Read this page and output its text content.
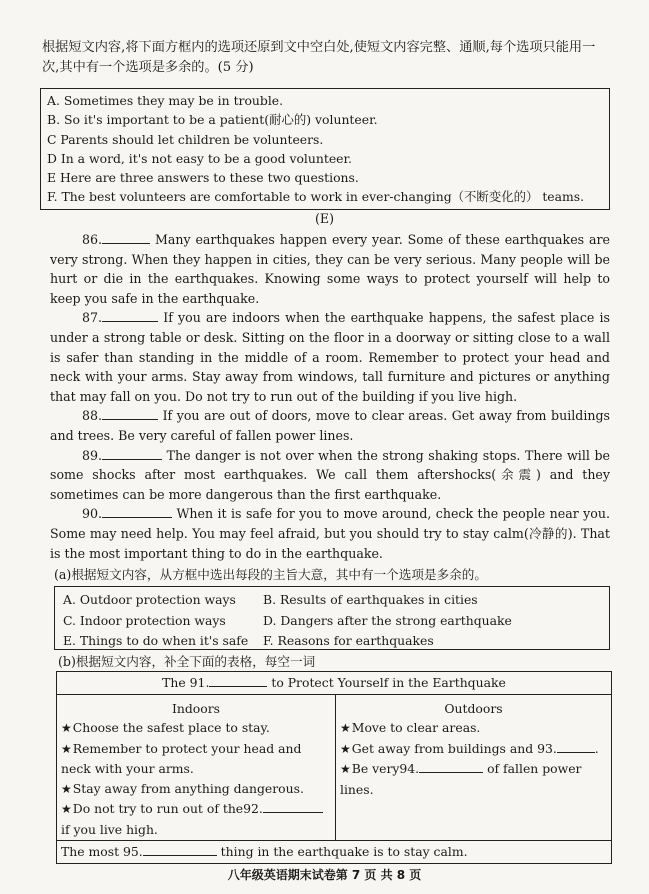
根据短文内容,将下面方框内的选项还原到文中空白处,使短文内容完整、通顺,每个选项只能用一次,其中有一个选项是多余的。(5 分)
A. Sometimes they may be in trouble.
B. So it's important to be a patient(耐心的) volunteer.
C Parents should let children be volunteers.
D In a word, it's not easy to be a good volunteer.
E Here are three answers to these two questions.
F. The best volunteers are comfortable to work in ever-changing（不断变化的） teams.
(E)

86.	Many earthquakes happen every year. Some of these earthquakes are very strong. When they happen in cities, they can be very serious. Many people will be hurt or die in the earthquakes. Knowing some ways to protect yourself will help to keep you safe in the earthquake.

87.	If you are indoors when the earthquake happens, the safest place is under a strong table or desk. Sitting on the floor in a doorway or sitting close to a wall is safer than standing in the middle of a room. Remember to protect your head and neck with your arms. Stay away from windows, tall furniture and pictures or anything that may fall on you. Do not try to run out of the building if you live high.

88.	If you are out of doors, move to clear areas. Get away from buildings and trees. Be very careful of fallen power lines.

89.	The danger is not over when the strong shaking stops. There will be some shocks after most earthquakes. We call them aftershocks(余震) and they sometimes can be more dangerous than the first earthquake.

90.	When it is safe for you to move around, check the people near you. Some may need help. You may feel afraid, but you should try to stay calm(冷静的). That is the most important thing to do in the earthquake.

(a)根据短文内容，从方框中选出每段的主旨大意，其中有一个选项是多余的。
A. Outdoor protection ways	B. Results of earthquakes in cities
C. Indoor protection ways	D. Dangers after the strong earthquake
E. Things to do when it's safe	F. Reasons for earthquakes
(b)根据短文内容，补全下面的表格，每空一词
The 91.	to Protect Yourself in the Earthquake

Indoors
★Choose the safest place to stay.
★Remember to protect your head and neck with your arms.
★Stay away from anything dangerous.
★Do not try to run out of the92. if you live high.

Outdoors
★Move to clear areas.
★Get away from buildings and 93.	.
★Be very94.	of fallen power lines.

The most 95.	thing in the earthquake is to stay calm.
八年级英语期末试卷第 7 页 共 8 页
